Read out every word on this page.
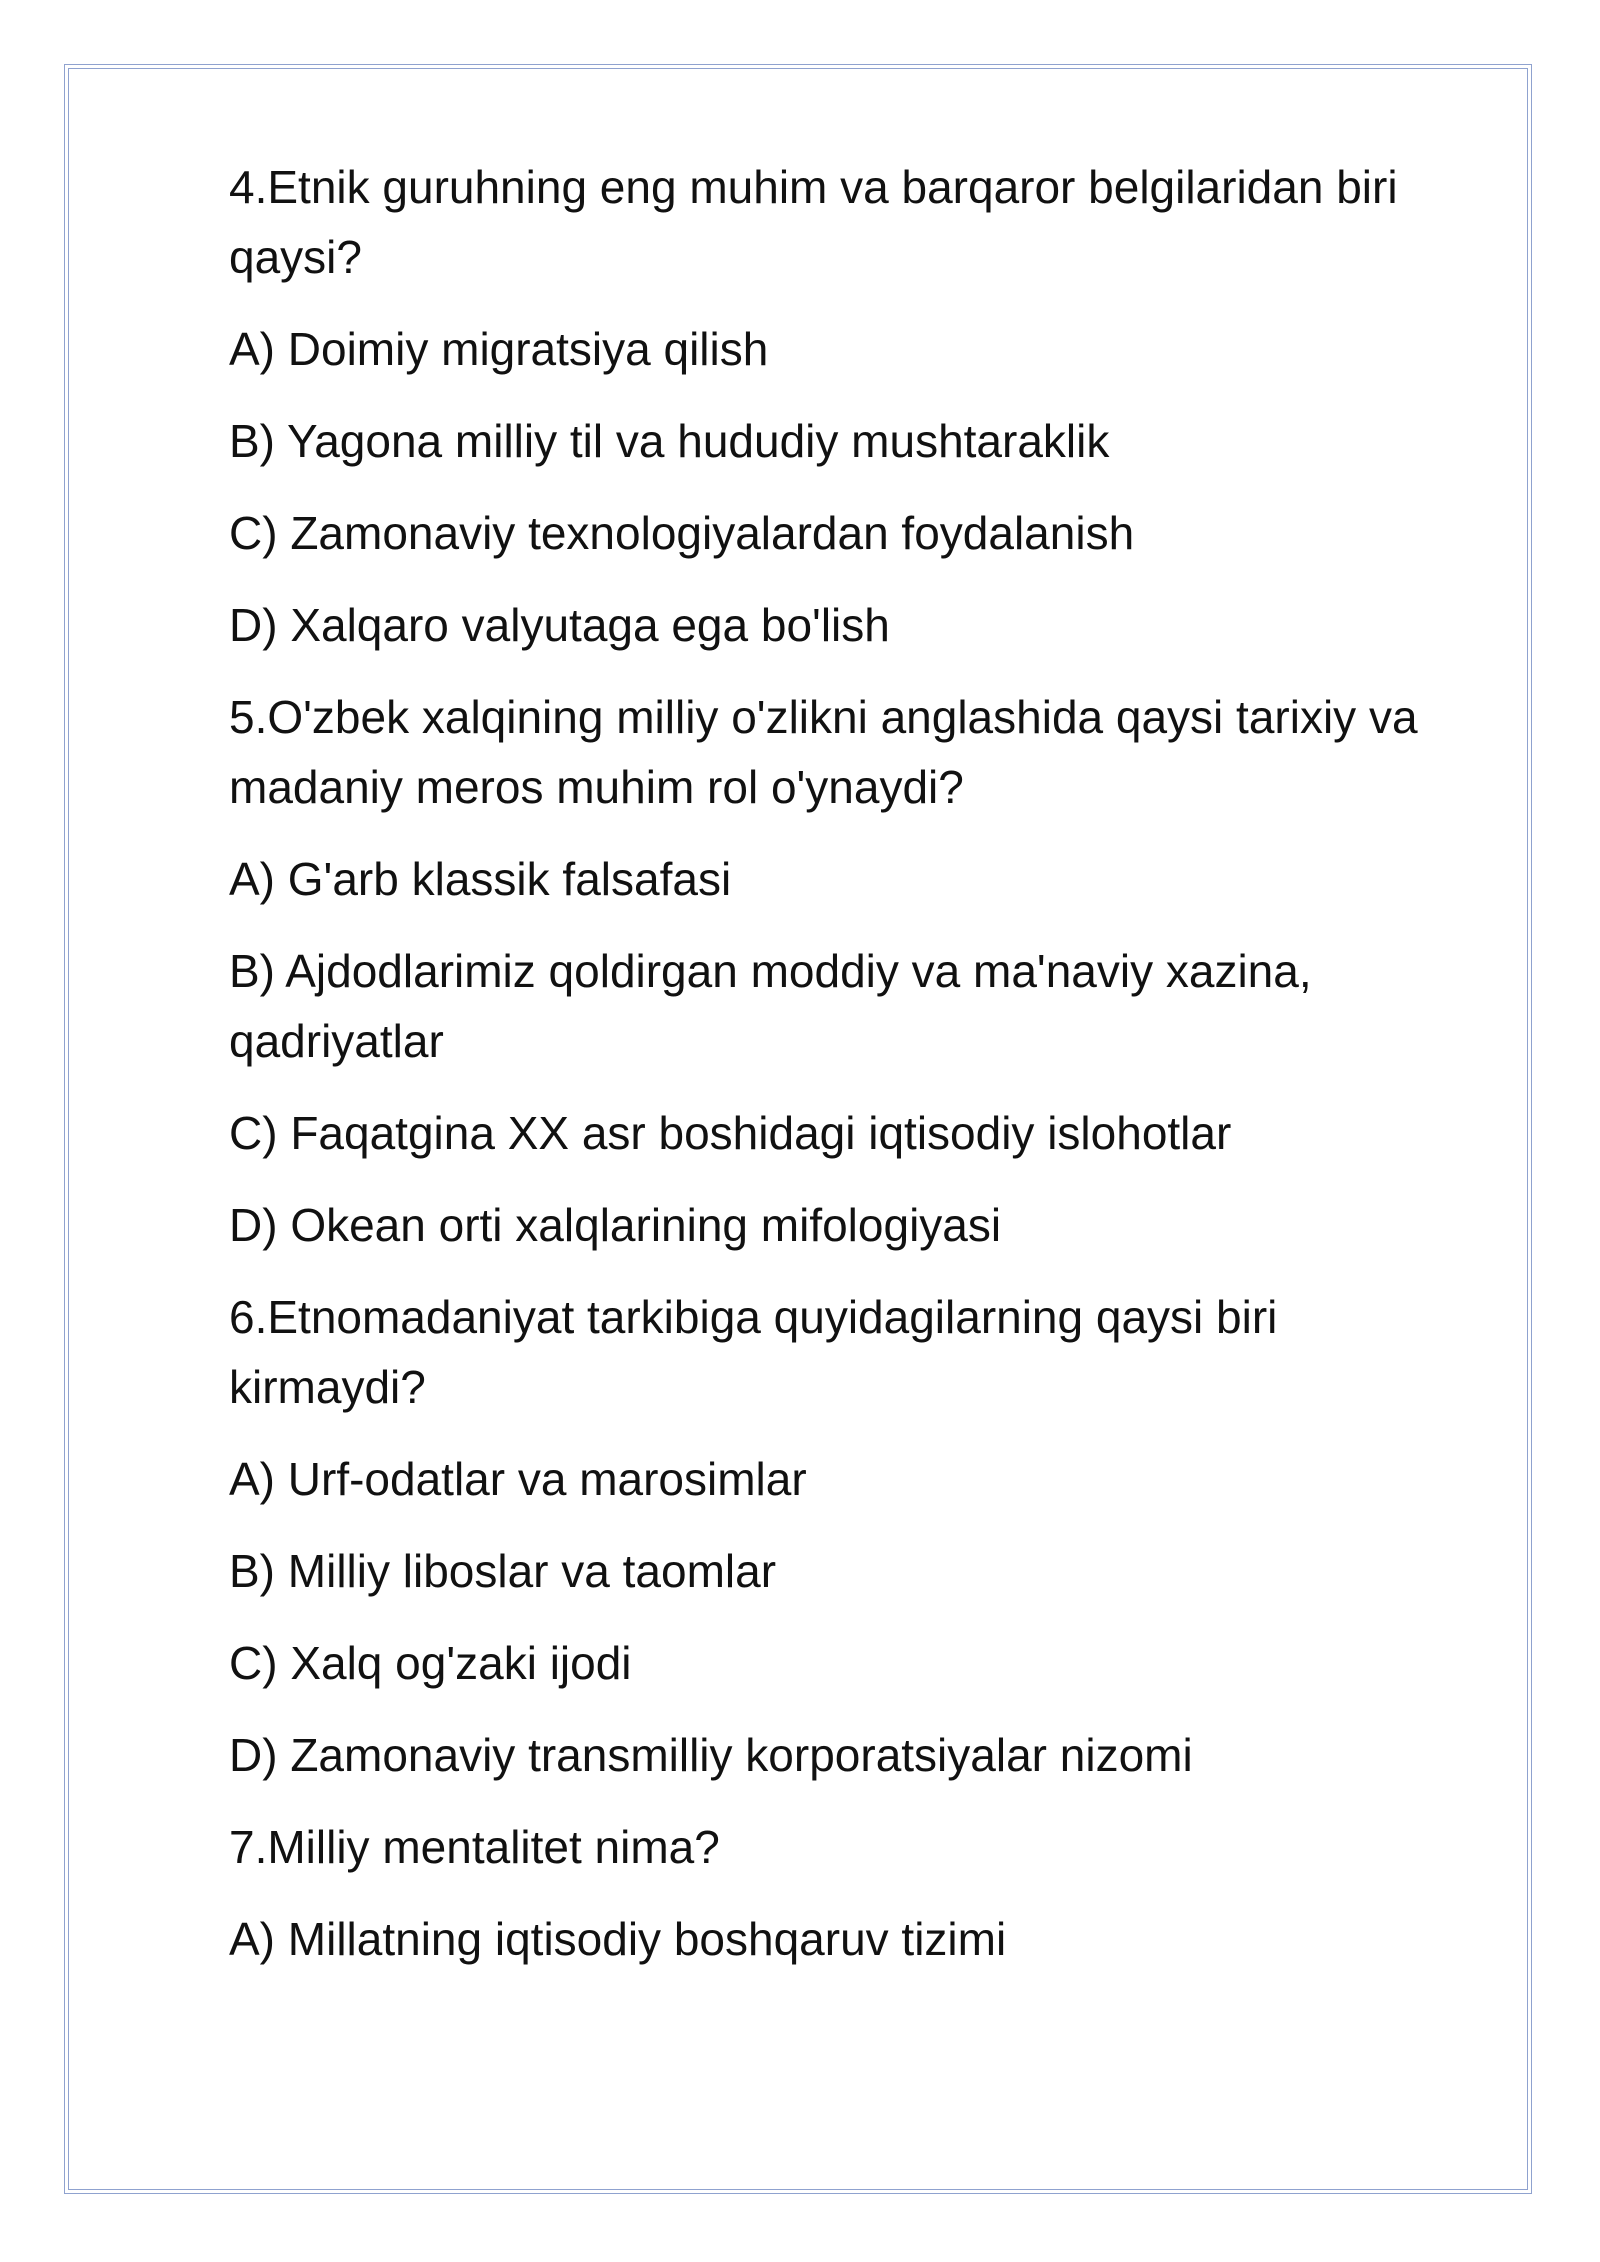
4.Etnik guruhning eng muhim va barqaror belgilaridan biri qaysi?

A) Doimiy migratsiya qilish

B) Yagona milliy til va hududiy mushtaraklik

C) Zamonaviy texnologiyalardan foydalanish

D) Xalqaro valyutaga ega bo'lish

5.O'zbek xalqining milliy o'zlikni anglashida qaysi tarixiy va madaniy meros muhim rol o'ynaydi?

A) G'arb klassik falsafasi

B) Ajdodlarimiz qoldirgan moddiy va ma'naviy xazina, qadriyatlar

C) Faqatgina XX asr boshidagi iqtisodiy islohotlar

D) Okean orti xalqlarining mifologiyasi

6.Etnomadaniyat tarkibiga quyidagilarning qaysi biri kirmaydi?

A) Urf-odatlar va marosimlar

B) Milliy liboslar va taomlar

C) Xalq og'zaki ijodi

D) Zamonaviy transmilliy korporatsiyalar nizomi

7.Milliy mentalitet nima?

A) Millatning iqtisodiy boshqaruv tizimi
